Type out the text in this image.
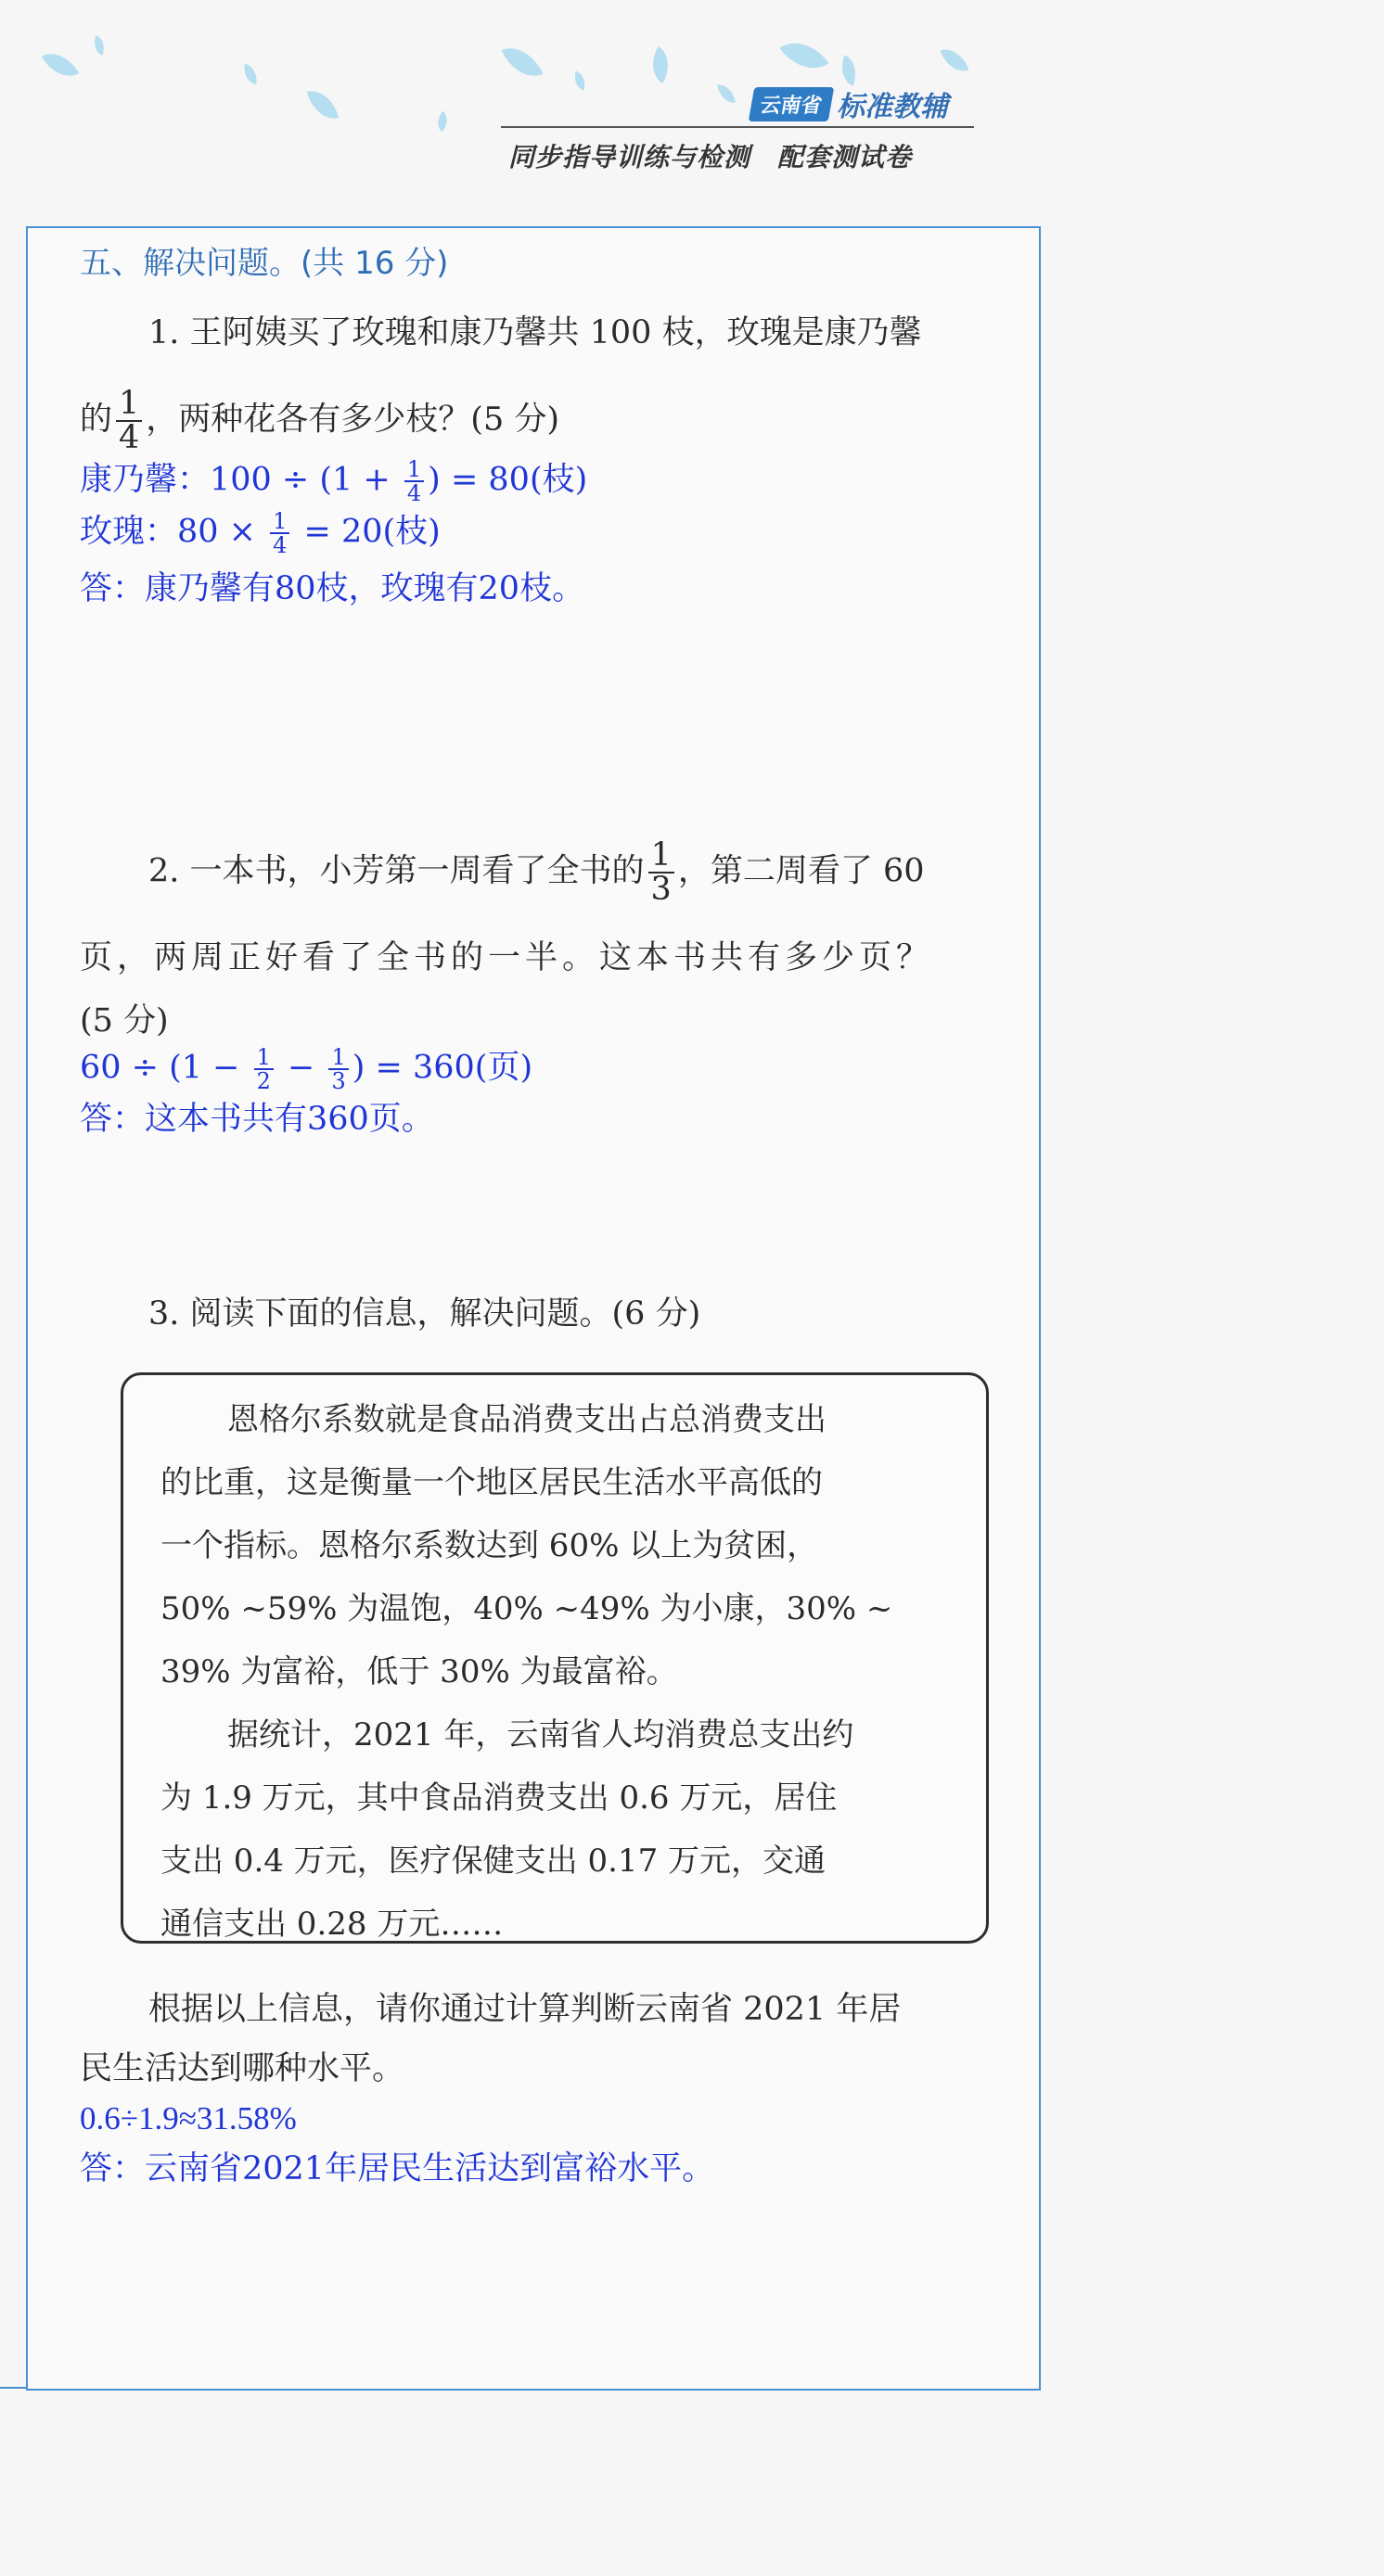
云南省 标准教辅
同步指导训练与检测　配套测试卷
五、解决问题。(共 16 分)
1. 王阿姨买了玫瑰和康乃馨共 100 枝，玫瑰是康乃馨
的 $\frac{1}{4}$ ，两种花各有多少枝？(5 分)
康乃馨：$100 \div (1 + \frac{1}{4}$ ) = 80(枝)
玫瑰：$80 \times \frac{1}{4} = 20$(枝)
答：康乃馨有80枝，玫瑰有20枝。
2. 一本书，小芳第一周看了全书的 $\frac{1}{3}$ ，第二周看了 60
页，两周正好看了全书的一半。这本书共有多少页？
(5 分)
$60 \div (1 - \frac{1}{2} - \frac{1}{3}$ ) = 360(页)
答：这本书共有360页。
3. 阅读下面的信息，解决问题。(6 分)
恩格尔系数就是食品消费支出占总消费支出
的比重，这是衡量一个地区居民生活水平高低的
一个指标。恩格尔系数达到 60% 以上为贫困，
50% ~59% 为温饱，40% ~49% 为小康，30% ~
39% 为富裕，低于 30% 为最富裕。
据统计，2021 年，云南省人均消费总支出约
为 1.9 万元，其中食品消费支出 0.6 万元，居住
支出 0.4 万元，医疗保健支出 0.17 万元，交通
通信支出 0.28 万元……
根据以上信息，请你通过计算判断云南省 2021 年居
民生活达到哪种水平。
0.6÷1.9≈31.58%
答：云南省2021年居民生活达到富裕水平。
